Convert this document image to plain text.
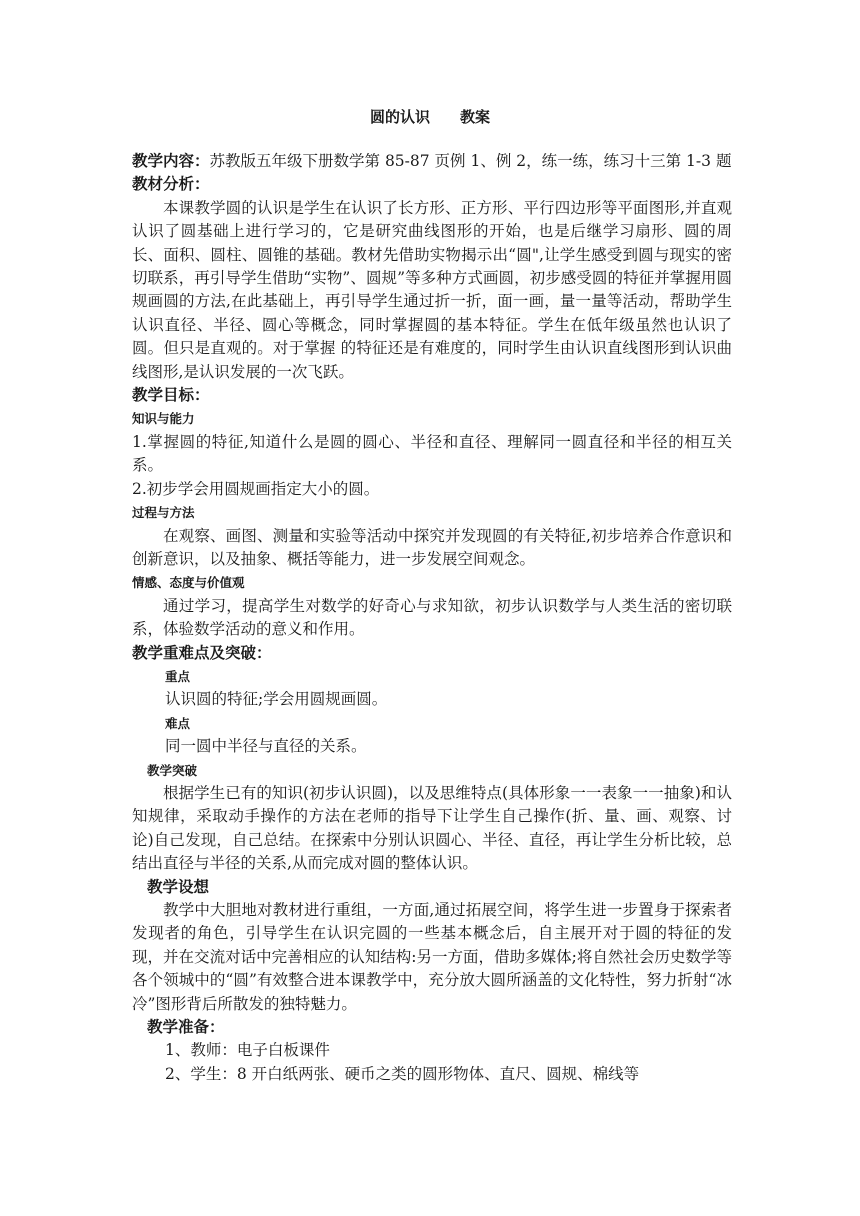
圆的认识 教案

教学内容：苏教版五年级下册数学第 85-87 页例 1、例 2，练一练，练习十三第 1-3 题

教材分析：

本课教学圆的认识是学生在认识了长方形、正方形、平行四边形等平面图形,并直观认识了圆基础上进行学习的，它是研究曲线图形的开始，也是后继学习扇形、圆的周长、面积、圆柱、圆锥的基础。教材先借助实物揭示出“圆",让学生感受到圆与现实的密切联系，再引导学生借助“实物”、圆规”等多种方式画圆，初步感受圆的特征并掌握用圆规画圆的方法,在此基础上，再引导学生通过折一折，面一画，量一量等活动，帮助学生认识直径、半径、圆心等概念，同时掌握圆的基本特征。学生在低年级虽然也认识了圆。但只是直观的。对于掌握 的特征还是有难度的，同时学生由认识直线图形到认识曲线图形,是认识发展的一次飞跃。

教学目标：

知识与能力

1.掌握圆的特征,知道什么是圆的圆心、半径和直径、理解同一圆直径和半径的相互关系。

2.初步学会用圆规画指定大小的圆。

过程与方法

在观察、画图、测量和实验等活动中探究并发现圆的有关特征,初步培养合作意识和创新意识，以及抽象、概括等能力，进一步发展空间观念。

情感、态度与价值观

通过学习，提高学生对数学的好奇心与求知欲，初步认识数学与人类生活的密切联系，体验数学活动的意义和作用。

教学重难点及突破：

重点

认识圆的特征;学会用圆规画圆。

难点

同一圆中半径与直径的关系。

教学突破

根据学生已有的知识(初步认识圆)，以及思维特点(具体形象一一表象一一抽象)和认知规律，采取动手操作的方法在老师的指导下让学生自己操作(折、量、画、观察、讨论)自己发现，自己总结。在探索中分别认识圆心、半径、直径，再让学生分析比较，总结出直径与半径的关系,从而完成对圆的整体认识。

教学设想

教学中大胆地对教材进行重组，一方面,通过拓展空间，将学生进一步置身于探索者发现者的角色，引导学生在认识完圆的一些基本概念后，自主展开对于圆的特征的发现，并在交流对话中完善相应的认知结构:另一方面，借助多媒体;将自然社会历史数学等各个领城中的“圆”有效整合进本课教学中，充分放大圆所涵盖的文化特性，努力折射“冰冷”图形背后所散发的独特魅力。

教学准备：

1、教师：电子白板课件

2、学生：8 开白纸两张、硬币之类的圆形物体、直尺、圆规、棉线等
